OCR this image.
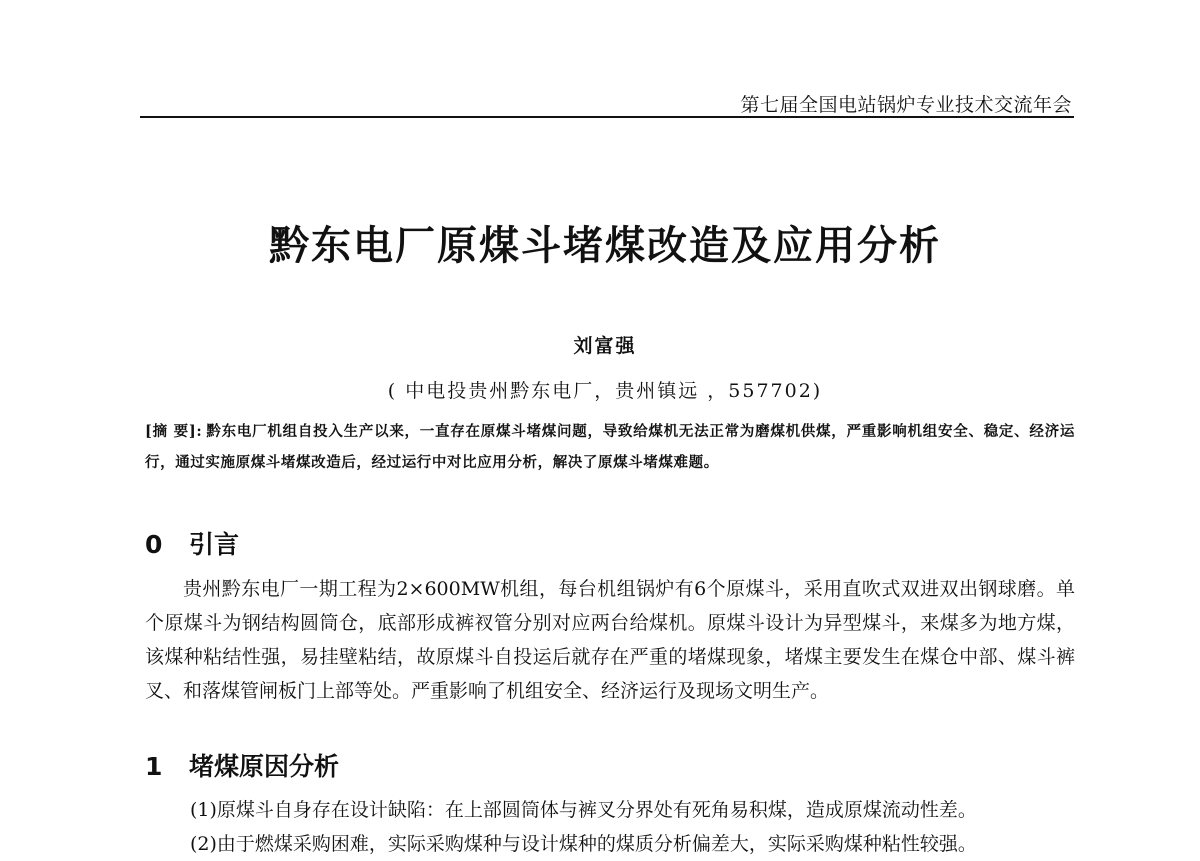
第七届全国电站锅炉专业技术交流年会
黔东电厂原煤斗堵煤改造及应用分析
刘富强
( 中电投贵州黔东电厂，贵州镇远 ，557702)
[摘 要]: 黔东电厂机组自投入生产以来，一直存在原煤斗堵煤问题，导致给煤机无法正常为磨煤机供煤，严重影响机组安全、稳定、经济运行，通过实施原煤斗堵煤改造后，经过运行中对比应用分析，解决了原煤斗堵煤难题。
0 引言

贵州黔东电厂一期工程为2×600MW机组，每台机组锅炉有6个原煤斗，采用直吹式双进双出钢球磨。单个原煤斗为钢结构圆筒仓，底部形成裤衩管分别对应两台给煤机。原煤斗设计为异型煤斗，来煤多为地方煤，该煤种粘结性强，易挂壁粘结，故原煤斗自投运后就存在严重的堵煤现象，堵煤主要发生在煤仓中部、煤斗裤叉、和落煤管闸板门上部等处。严重影响了机组安全、经济运行及现场文明生产。

1 堵煤原因分析
(1)原煤斗自身存在设计缺陷：在上部圆筒体与裤叉分界处有死角易积煤，造成原煤流动性差。
(2)由于燃煤采购困难，实际采购煤种与设计煤种的煤质分析偏差大，实际采购煤种粘性较强。
